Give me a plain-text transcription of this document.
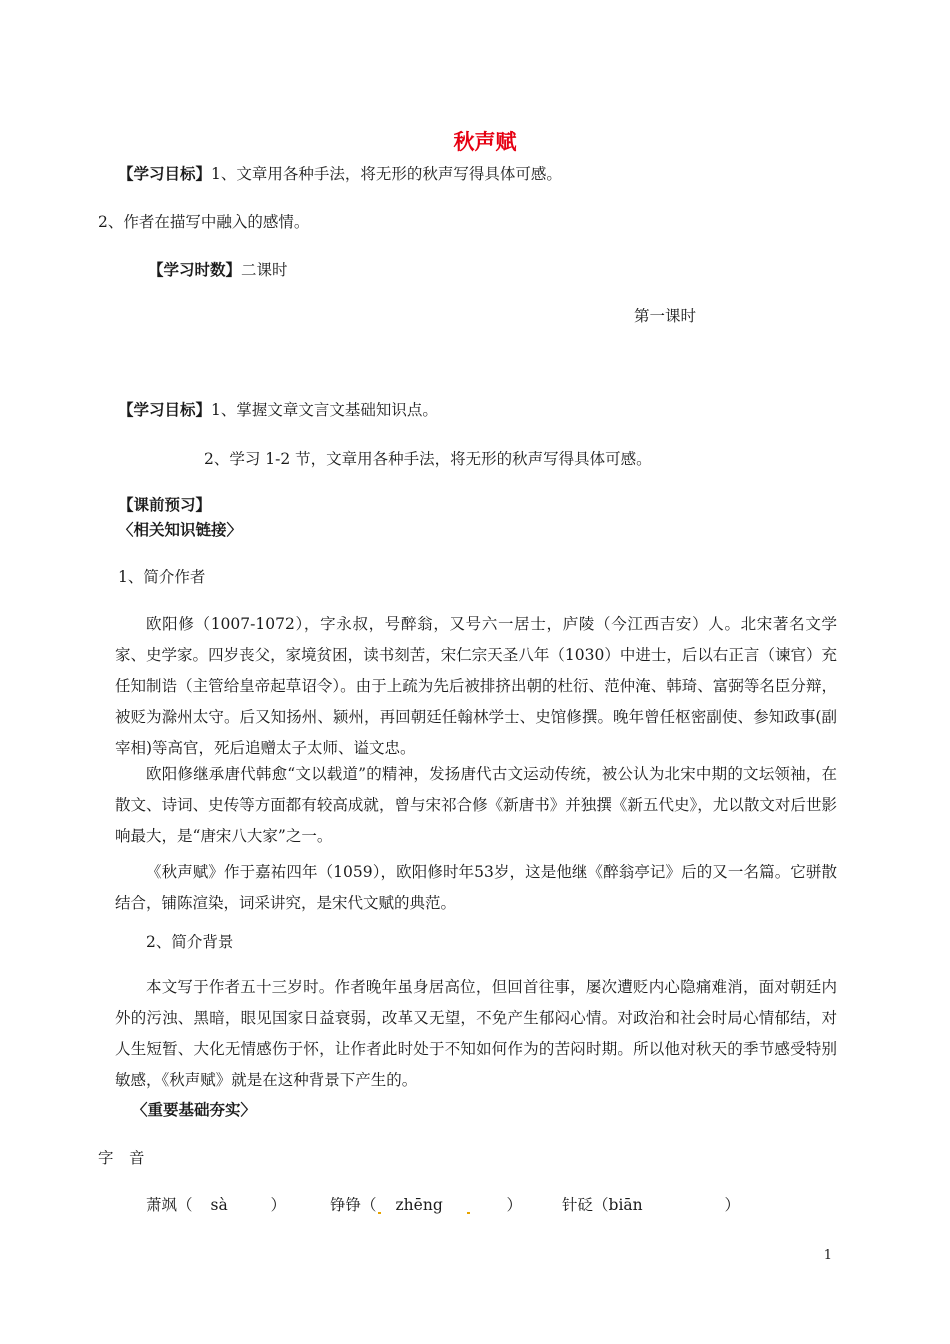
秋声赋
【学习目标】1、文章用各种手法，将无形的秋声写得具体可感。
2、作者在描写中融入的感情。
【学习时数】二课时
第一课时
【学习目标】1、掌握文章文言文基础知识点。
2、学习 1-2 节，文章用各种手法，将无形的秋声写得具体可感。
【课前预习】
〈相关知识链接〉
1、简介作者
欧阳修（1007-1072），字永叔，号醉翁，又号六一居士，庐陵（今江西吉安）人。北宋著名文学家、史学家。四岁丧父，家境贫困，读书刻苦，宋仁宗天圣八年（1030）中进士，后以右正言（谏官）充任知制诰（主管给皇帝起草诏令）。由于上疏为先后被排挤出朝的杜衍、范仲淹、韩琦、富弼等名臣分辩，被贬为滁州太守。后又知扬州、颍州，再回朝廷任翰林学士、史馆修撰。晚年曾任枢密副使、参知政事(副宰相)等高官，死后追赠太子太师、谥文忠。
欧阳修继承唐代韩愈“文以载道”的精神，发扬唐代古文运动传统，被公认为北宋中期的文坛领袖，在散文、诗词、史传等方面都有较高成就，曾与宋祁合修《新唐书》并独撰《新五代史》，尤以散文对后世影响最大，是“唐宋八大家”之一。
《秋声赋》作于嘉祐四年（1059），欧阳修时年53岁，这是他继《醉翁亭记》后的又一名篇。它骈散结合，铺陈渲染，词采讲究，是宋代文赋的典范。
2、简介背景
本文写于作者五十三岁时。作者晚年虽身居高位，但回首往事，屡次遭贬内心隐痛难消，面对朝廷内外的污浊、黑暗，眼见国家日益衰弱，改革又无望，不免产生郁闷心情。对政治和社会时局心情郁结，对人生短暂、大化无情感伤于怀，让作者此时处于不知如何作为的苦闷时期。所以他对秋天的季节感受特别敏感，《秋声赋》就是在这种背景下产生的。
〈重要基础夯实〉
字　音
萧飒（ sà	）	铮铮（ zhēng	）	针砭（biān	）
1
